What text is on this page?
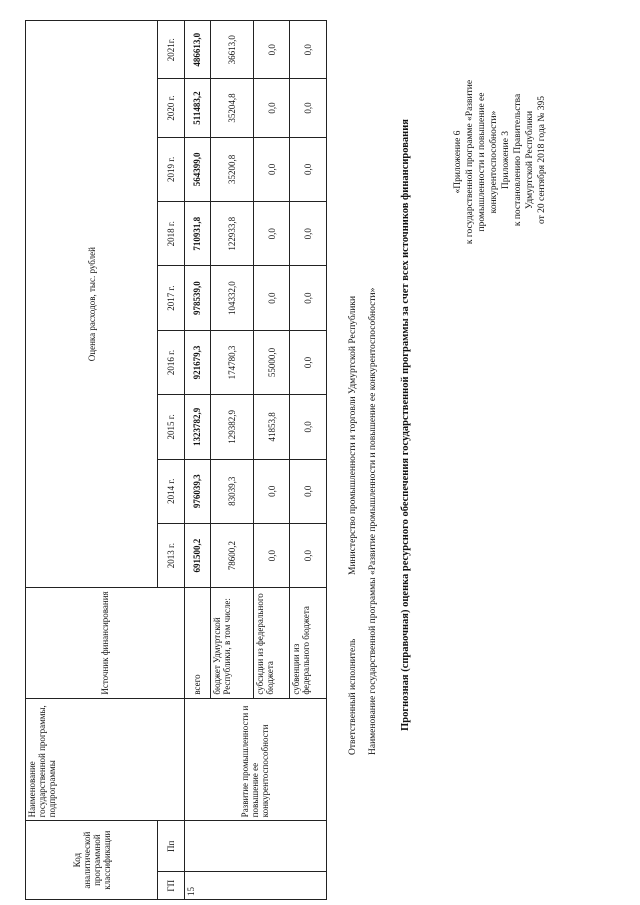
Приложение 3
к постановлению Правительства
Удмуртской Республики
от 20 сентября 2018 года № 395
«Приложение 6
к государственной программе «Развитие
промышленности и повышение ее
конкурентоспособности»
Прогнозная (справочная) оценка ресурсного обеспечения государственной программы за счет всех источников финансирования
Наименование государственной программы
«Развитие промышленности и повышение ее конкурентоспособности»
Ответственный исполнитель
Министерство промышленности и торговли Удмуртской Республики
Код аналитической программной классификации		Наименование государственной программы, подпрограммы	Источник финансирования	Оценка расходов, тыс. рублей								
ГП	Пп			2013 г.	2014 г.	2015 г.	2016 г.	2017 г.	2018 г.	2019 г.	2020 г.	2021г.
15		Развитие промышленности и повышение ее конкурентоспособности	всего	691500,2	976039,3	1323782,9	921679,3	978539,0	710931,8	564399,0	511483,2	486613,0
			бюджет Удмуртской Республики, в том числе:	78600,2	83039,3	129382,9	174780,3	104332,0	122933,8	35200,8	35204,8	36613,0
			субсидии из федерального бюджета	0,0	0,0	41853,8	55000,0	0,0	0,0	0,0	0,0	0,0
			субвенции из федерального бюджета	0,0	0,0	0,0	0,0	0,0	0,0	0,0	0,0	0,0
